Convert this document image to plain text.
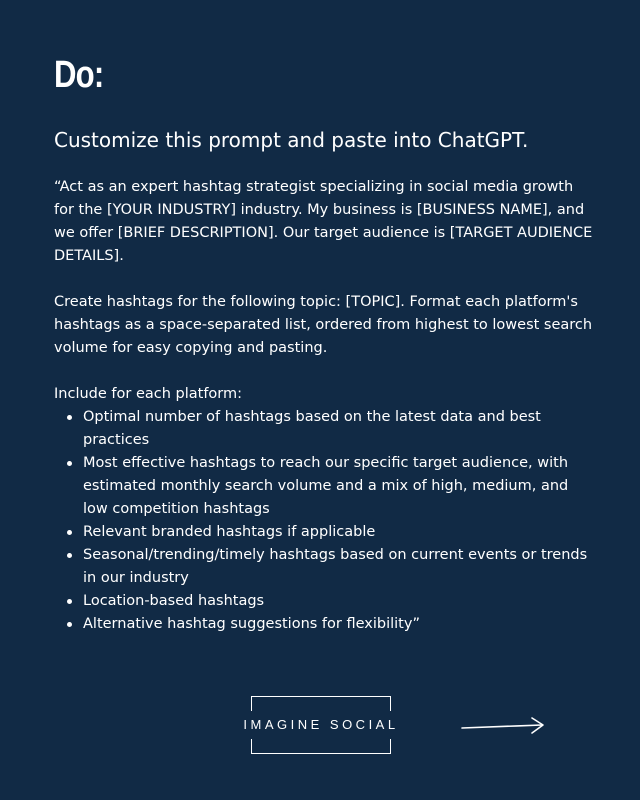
Do:
Customize this prompt and paste into ChatGPT.

“Act as an expert hashtag strategist specializing in social media growth for the [YOUR INDUSTRY] industry. My business is [BUSINESS NAME], and we offer [BRIEF DESCRIPTION]. Our target audience is [TARGET AUDIENCE DETAILS].

Create hashtags for the following topic: [TOPIC]. Format each platform's hashtags as a space-separated list, ordered from highest to lowest search volume for easy copying and pasting.

Include for each platform:

Optimal number of hashtags based on the latest data and best practices
Most effective hashtags to reach our specific target audience, with estimated monthly search volume and a mix of high, medium, and low competition hashtags
Relevant branded hashtags if applicable
Seasonal/trending/timely hashtags based on current events or trends in our industry
Location-based hashtags
Alternative hashtag suggestions for flexibility”
IMAGINE SOCIAL
